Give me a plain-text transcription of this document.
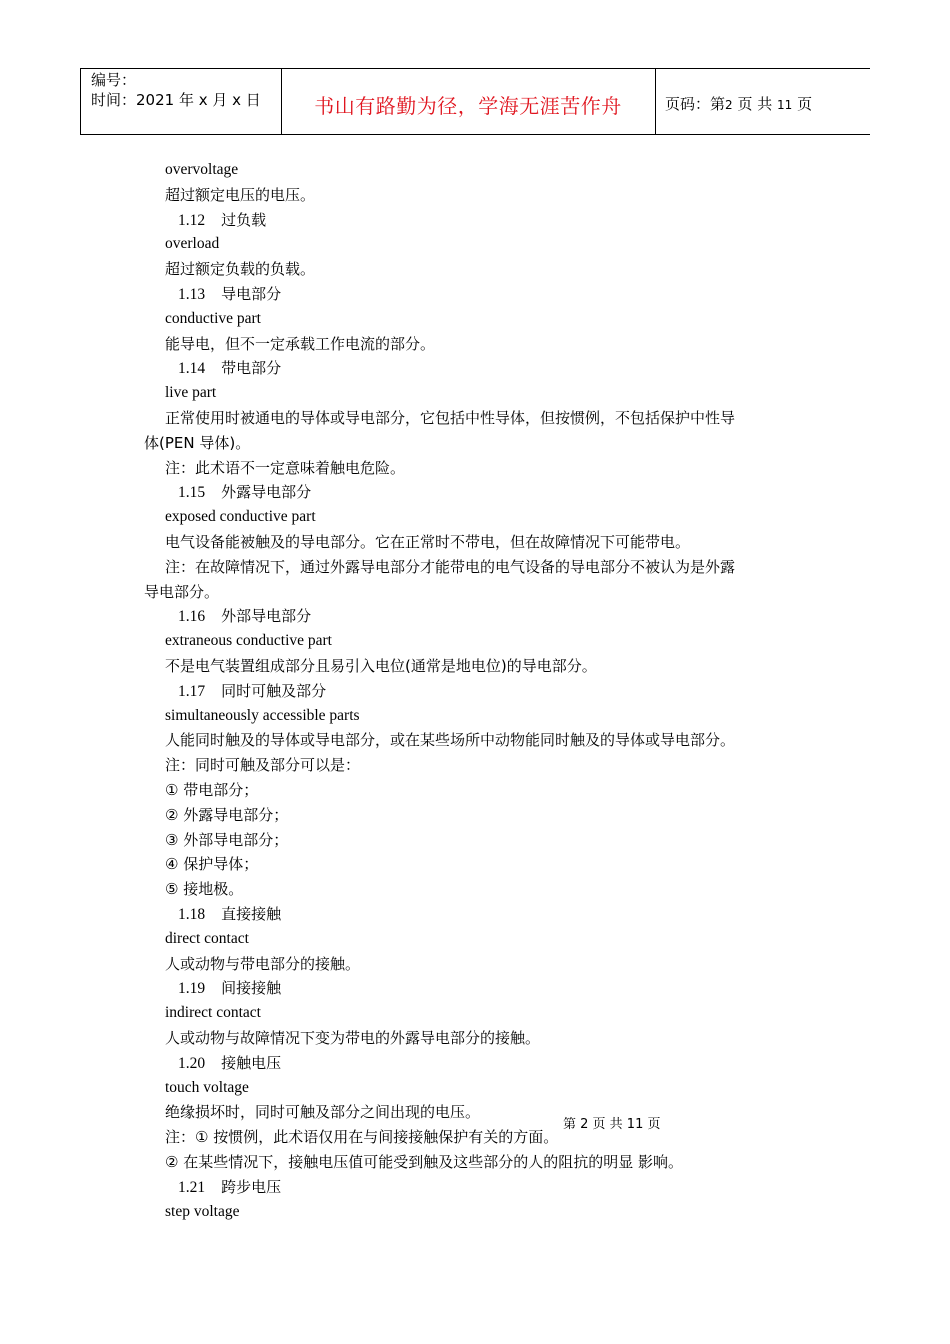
编号：
时间：2021 年 x 月 x 日	书山有路勤为径，学海无涯苦作舟	页码：第2 页 共 11 页
overvoltage
超过额定电压的电压。
1.12 过负载
overload
超过额定负载的负载。
1.13 导电部分
conductive part
能导电，但不一定承载工作电流的部分。
1.14 带电部分
live part
正常使用时被通电的导体或导电部分，它包括中性导体，但按惯例，不包括保护中性导
体(PEN 导体)。
注：此术语不一定意味着触电危险。
1.15 外露导电部分
exposed conductive part
电气设备能被触及的导电部分。它在正常时不带电，但在故障情况下可能带电。
注：在故障情况下，通过外露导电部分才能带电的电气设备的导电部分不被认为是外露
导电部分。
1.16 外部导电部分
extraneous conductive part
不是电气装置组成部分且易引入电位(通常是地电位)的导电部分。
1.17 同时可触及部分
simultaneously accessible parts
人能同时触及的导体或导电部分，或在某些场所中动物能同时触及的导体或导电部分。
注：同时可触及部分可以是：
① 带电部分；
② 外露导电部分；
③ 外部导电部分；
④ 保护导体；
⑤ 接地极。
1.18 直接接触
direct contact
人或动物与带电部分的接触。
1.19 间接接触
indirect contact
人或动物与故障情况下变为带电的外露导电部分的接触。
1.20 接触电压
touch voltage
绝缘损坏时，同时可触及部分之间出现的电压。
注：① 按惯例，此术语仅用在与间接接触保护有关的方面。
② 在某些情况下，接触电压值可能受到触及这些部分的人的阻抗的明显 影响。
1.21 跨步电压
step voltage
第 2 页 共 11 页
